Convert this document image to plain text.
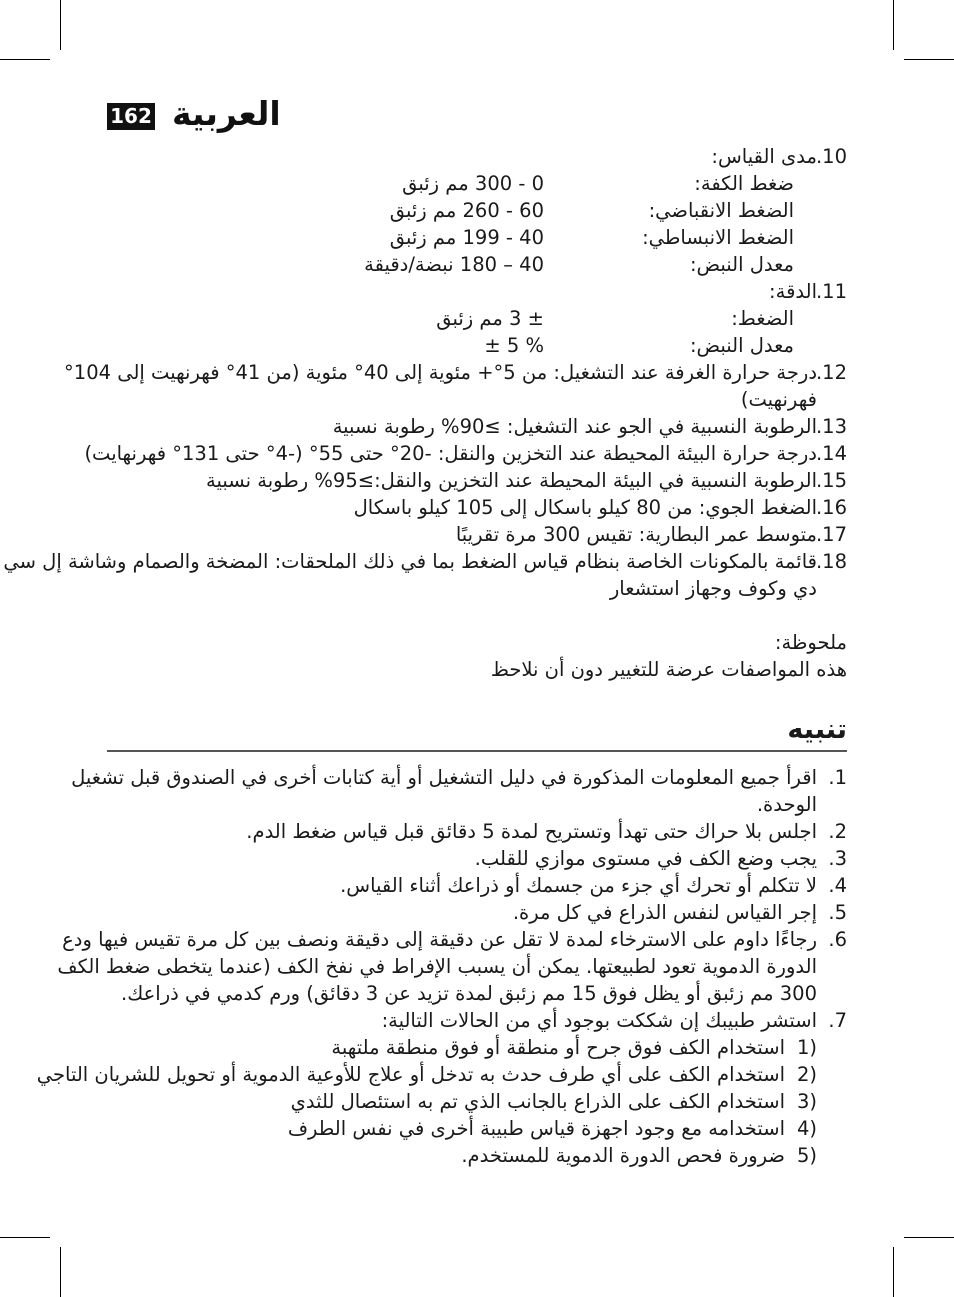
162 العربية
10.
مدى القياس:
ضغط الكفة:
0 - 300 مم زئبق
الضغط الانقباضي:
60 - 260 مم زئبق
الضغط الانبساطي:
40 - 199 مم زئبق
معدل النبض:
40 – 180 نبضة/دقيقة
11.
الدقة:
الضغط:
± 3 مم زئبق
معدل النبض:
± 5 %
12.
درجة حرارة الغرفة عند التشغيل: من 5°+ مئوية إلى 40° مئوية (من 41° فهرنهيت إلى 104°
فهرنهيت)
13.
الرطوبة النسبية في الجو عند التشغيل: ≥90% رطوبة نسبية
14.
درجة حرارة البيئة المحيطة عند التخزين والنقل: -20° حتى 55° (-4° حتى 131° فهرنهايت)
15.
الرطوبة النسبية في البيئة المحيطة عند التخزين والنقل:≥95% رطوبة نسبية
16.
الضغط الجوي: من 80 كيلو باسكال إلى 105 كيلو باسكال
17.
متوسط عمر البطارية: تقيس 300 مرة تقريبًا
18.
قائمة بالمكونات الخاصة بنظام قياس الضغط بما في ذلك الملحقات: المضخة والصمام وشاشة إل سي
دي وكوف وجهاز استشعار
ملحوظة:
هذه المواصفات عرضة للتغيير دون أن نلاحظ
تنبيه
1.
اقرأ جميع المعلومات المذكورة في دليل التشغيل أو أية كتابات أخرى في الصندوق قبل تشغيل
الوحدة.
2.
اجلس بلا حراك حتى تهدأ وتستريح لمدة 5 دقائق قبل قياس ضغط الدم.
3.
يجب وضع الكف في مستوى موازي للقلب.
4.
لا تتكلم أو تحرك أي جزء من جسمك أو ذراعك أثناء القياس.
5.
إجر القياس لنفس الذراع في كل مرة.
6.
رجاءًا داوم على الاسترخاء لمدة لا تقل عن دقيقة إلى دقيقة ونصف بين كل مرة تقيس فيها ودع
الدورة الدموية تعود لطبيعتها. يمكن أن يسبب الإفراط في نفخ الكف (عندما يتخطى ضغط الكف
300 مم زئبق أو يظل فوق 15 مم زئبق لمدة تزيد عن 3 دقائق) ورم كدمي في ذراعك.
7.
استشر طبيبك إن شككت بوجود أي من الحالات التالية:
(1
استخدام الكف فوق جرح أو منطقة أو فوق منطقة ملتهبة
(2
استخدام الكف على أي طرف حدث به تدخل أو علاج للأوعية الدموية أو تحويل للشريان التاجي
(3
استخدام الكف على الذراع بالجانب الذي تم به استئصال للثدي
(4
استخدامه مع وجود اجهزة قياس طبيبة أخرى في نفس الطرف
(5
ضرورة فحص الدورة الدموية للمستخدم.
